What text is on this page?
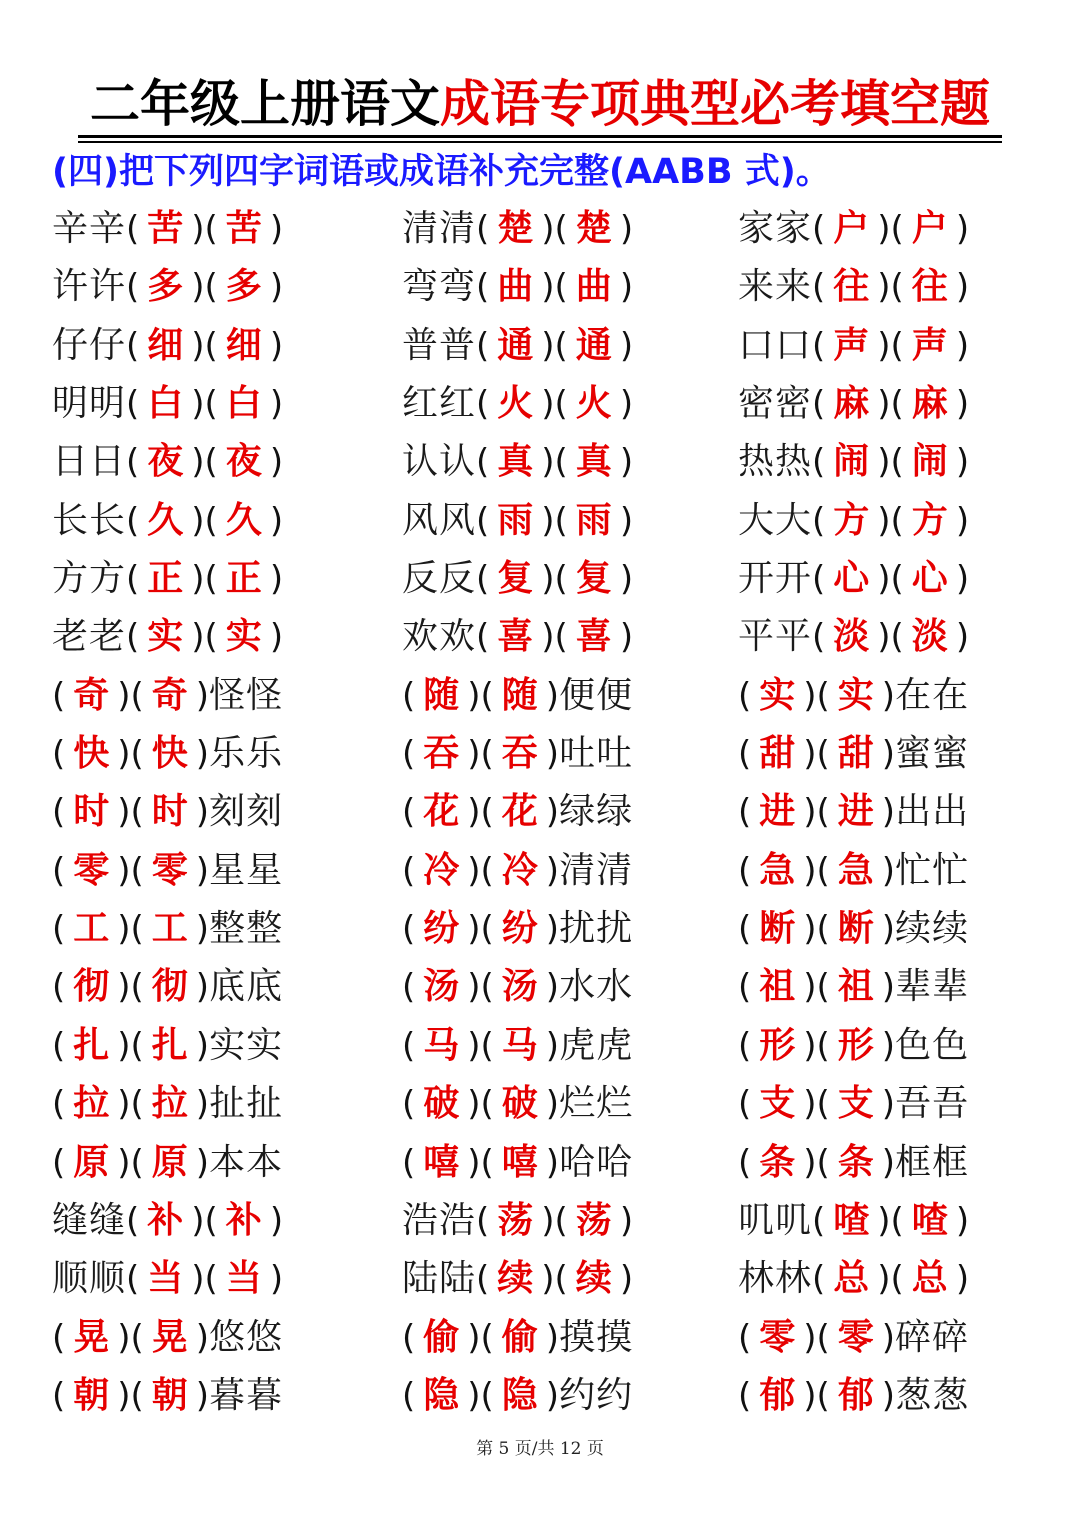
二年级上册语文成语专项典型必考填空题
(四)把下列四字词语或成语补充完整(AABB 式)。
辛辛 ( 苦 ) ( 苦 )	清清 ( 楚 ) ( 楚 )	家家 ( 户 ) ( 户 )
许许 ( 多 ) ( 多 )	弯弯 ( 曲 ) ( 曲 )	来来 ( 往 ) ( 往 )
仔仔 ( 细 ) ( 细 )	普普 ( 通 ) ( 通 )	口口 ( 声 ) ( 声 )
明明 ( 白 ) ( 白 )	红红 ( 火 ) ( 火 )	密密 ( 麻 ) ( 麻 )
日日 ( 夜 ) ( 夜 )	认认 ( 真 ) ( 真 )	热热 ( 闹 ) ( 闹 )
长长 ( 久 ) ( 久 )	风风 ( 雨 ) ( 雨 )	大大 ( 方 ) ( 方 )
方方 ( 正 ) ( 正 )	反反 ( 复 ) ( 复 )	开开 ( 心 ) ( 心 )
老老 ( 实 ) ( 实 )	欢欢 ( 喜 ) ( 喜 )	平平 ( 淡 ) ( 淡 )
( 奇 ) ( 奇 ) 怪怪	( 随 ) ( 随 ) 便便	( 实 ) ( 实 ) 在在
( 快 ) ( 快 ) 乐乐	( 吞 ) ( 吞 ) 吐吐	( 甜 ) ( 甜 ) 蜜蜜
( 时 ) ( 时 ) 刻刻	( 花 ) ( 花 ) 绿绿	( 进 ) ( 进 ) 出出
( 零 ) ( 零 ) 星星	( 冷 ) ( 冷 ) 清清	( 急 ) ( 急 ) 忙忙
( 工 ) ( 工 ) 整整	( 纷 ) ( 纷 ) 扰扰	( 断 ) ( 断 ) 续续
( 彻 ) ( 彻 ) 底底	( 汤 ) ( 汤 ) 水水	( 祖 ) ( 祖 ) 辈辈
( 扎 ) ( 扎 ) 实实	( 马 ) ( 马 ) 虎虎	( 形 ) ( 形 ) 色色
( 拉 ) ( 拉 ) 扯扯	( 破 ) ( 破 ) 烂烂	( 支 ) ( 支 ) 吾吾
( 原 ) ( 原 ) 本本	( 嘻 ) ( 嘻 ) 哈哈	( 条 ) ( 条 ) 框框
缝缝 ( 补 ) ( 补 )	浩浩 ( 荡 ) ( 荡 )	叽叽 ( 喳 ) ( 喳 )
顺顺 ( 当 ) ( 当 )	陆陆 ( 续 ) ( 续 )	林林 ( 总 ) ( 总 )
( 晃 ) ( 晃 ) 悠悠	( 偷 ) ( 偷 ) 摸摸	( 零 ) ( 零 ) 碎碎
( 朝 ) ( 朝 ) 暮暮	( 隐 ) ( 隐 ) 约约	( 郁 ) ( 郁 ) 葱葱
第 5 页/共 12 页
